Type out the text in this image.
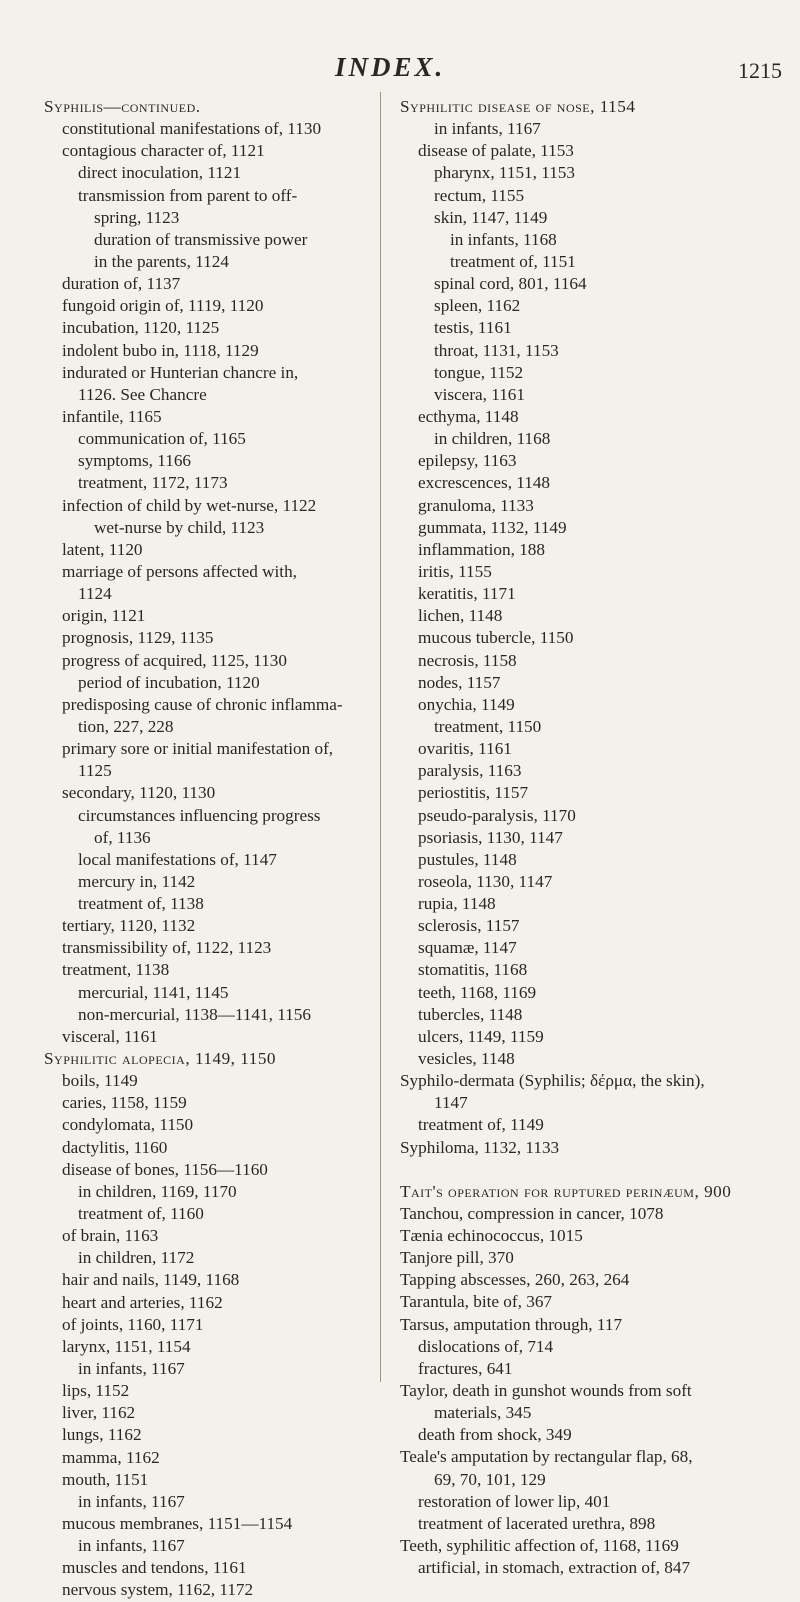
INDEX.	1215
Syphilis—continued.
constitutional manifestations of, 1130
contagious character of, 1121
direct inoculation, 1121
transmission from parent to off-
spring, 1123
duration of transmissive power
in the parents, 1124
duration of, 1137
fungoid origin of, 1119, 1120
incubation, 1120, 1125
indolent bubo in, 1118, 1129
indurated or Hunterian chancre in,
1126. See Chancre
infantile, 1165
communication of, 1165
symptoms, 1166
treatment, 1172, 1173
infection of child by wet-nurse, 1122
wet-nurse by child, 1123
latent, 1120
marriage of persons affected with,
1124
origin, 1121
prognosis, 1129, 1135
progress of acquired, 1125, 1130
period of incubation, 1120
predisposing cause of chronic inflamma-
tion, 227, 228
primary sore or initial manifestation of,
1125
secondary, 1120, 1130
circumstances influencing progress
of, 1136
local manifestations of, 1147
mercury in, 1142
treatment of, 1138
tertiary, 1120, 1132
transmissibility of, 1122, 1123
treatment, 1138
mercurial, 1141, 1145
non-mercurial, 1138—1141, 1156
visceral, 1161
Syphilitic alopecia, 1149, 1150
boils, 1149
caries, 1158, 1159
condylomata, 1150
dactylitis, 1160
disease of bones, 1156—1160
in children, 1169, 1170
treatment of, 1160
of brain, 1163
in children, 1172
hair and nails, 1149, 1168
heart and arteries, 1162
of joints, 1160, 1171
larynx, 1151, 1154
in infants, 1167
lips, 1152
liver, 1162
lungs, 1162
mamma, 1162
mouth, 1151
in infants, 1167
mucous membranes, 1151—1154
in infants, 1167
muscles and tendons, 1161
nervous system, 1162, 1172
Syphilitic disease of nose, 1154
in infants, 1167
disease of palate, 1153
pharynx, 1151, 1153
rectum, 1155
skin, 1147, 1149
in infants, 1168
treatment of, 1151
spinal cord, 801, 1164
spleen, 1162
testis, 1161
throat, 1131, 1153
tongue, 1152
viscera, 1161
ecthyma, 1148
in children, 1168
epilepsy, 1163
excrescences, 1148
granuloma, 1133
gummata, 1132, 1149
inflammation, 188
iritis, 1155
keratitis, 1171
lichen, 1148
mucous tubercle, 1150
necrosis, 1158
nodes, 1157
onychia, 1149
treatment, 1150
ovaritis, 1161
paralysis, 1163
periostitis, 1157
pseudo-paralysis, 1170
psoriasis, 1130, 1147
pustules, 1148
roseola, 1130, 1147
rupia, 1148
sclerosis, 1157
squamæ, 1147
stomatitis, 1168
teeth, 1168, 1169
tubercles, 1148
ulcers, 1149, 1159
vesicles, 1148
Syphilo-dermata (Syphilis; δέρμα, the skin),
1147
treatment of, 1149
Syphiloma, 1132, 1133
Tait's operation for ruptured perinæum, 900
Tanchou, compression in cancer, 1078
Tænia echinococcus, 1015
Tanjore pill, 370
Tapping abscesses, 260, 263, 264
Tarantula, bite of, 367
Tarsus, amputation through, 117
dislocations of, 714
fractures, 641
Taylor, death in gunshot wounds from soft
materials, 345
death from shock, 349
Teale's amputation by rectangular flap, 68,
69, 70, 101, 129
restoration of lower lip, 401
treatment of lacerated urethra, 898
Teeth, syphilitic affection of, 1168, 1169
artificial, in stomach, extraction of, 847
